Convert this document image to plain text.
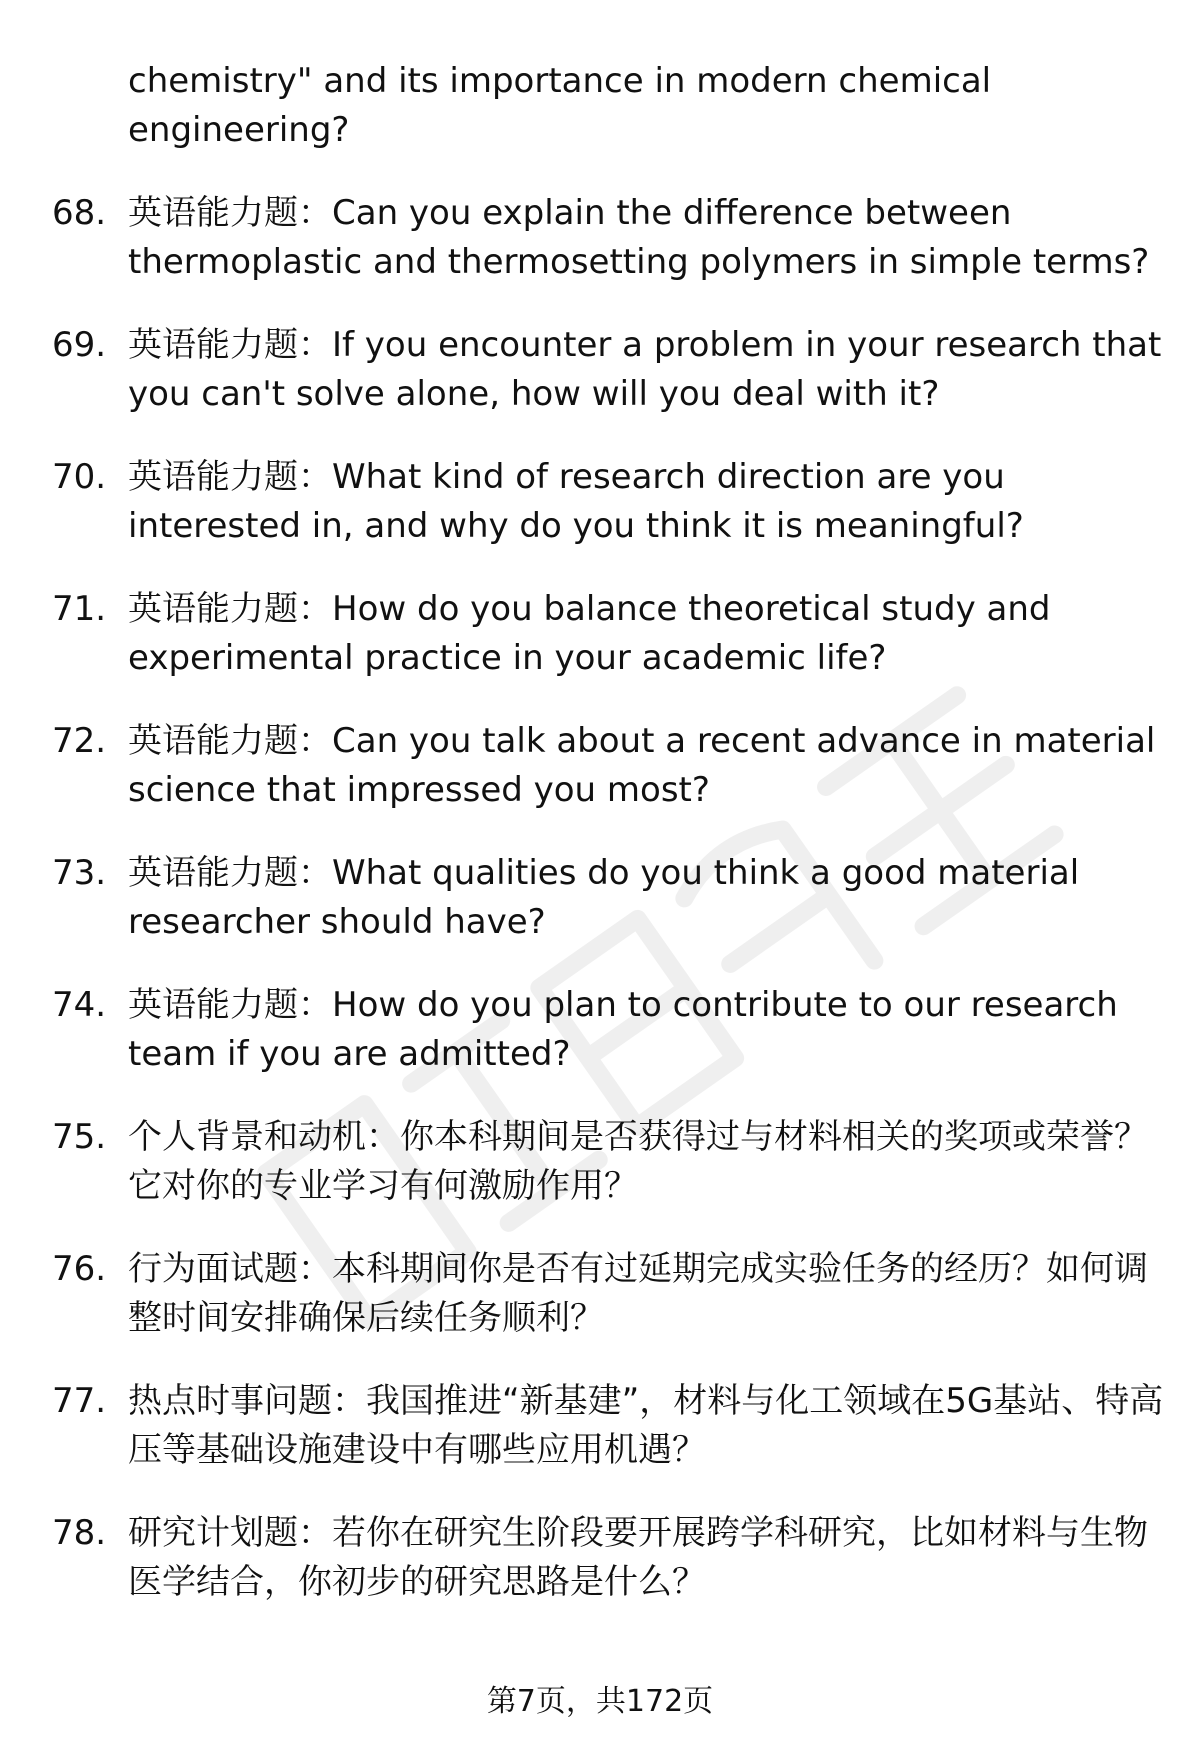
chemistry" and its importance in modern chemical engineering?
68. 英语能力题：Can you explain the difference between thermoplastic and thermosetting polymers in simple terms?
69. 英语能力题：If you encounter a problem in your research that you can't solve alone, how will you deal with it?
70. 英语能力题：What kind of research direction are you interested in, and why do you think it is meaningful?
71. 英语能力题：How do you balance theoretical study and experimental practice in your academic life?
72. 英语能力题：Can you talk about a recent advance in material science that impressed you most?
73. 英语能力题：What qualities do you think a good material researcher should have?
74. 英语能力题：How do you plan to contribute to our research team if you are admitted?
75. 个人背景和动机：你本科期间是否获得过与材料相关的奖项或荣誉？它对你的专业学习有何激励作用？
76. 行为面试题：本科期间你是否有过延期完成实验任务的经历？如何调整时间安排确保后续任务顺利？
77. 热点时事问题：我国推进“新基建”，材料与化工领域在5G基站、特高压等基础设施建设中有哪些应用机遇？
78. 研究计划题：若你在研究生阶段要开展跨学科研究，比如材料与生物医学结合，你初步的研究思路是什么？
第7页，共172页
